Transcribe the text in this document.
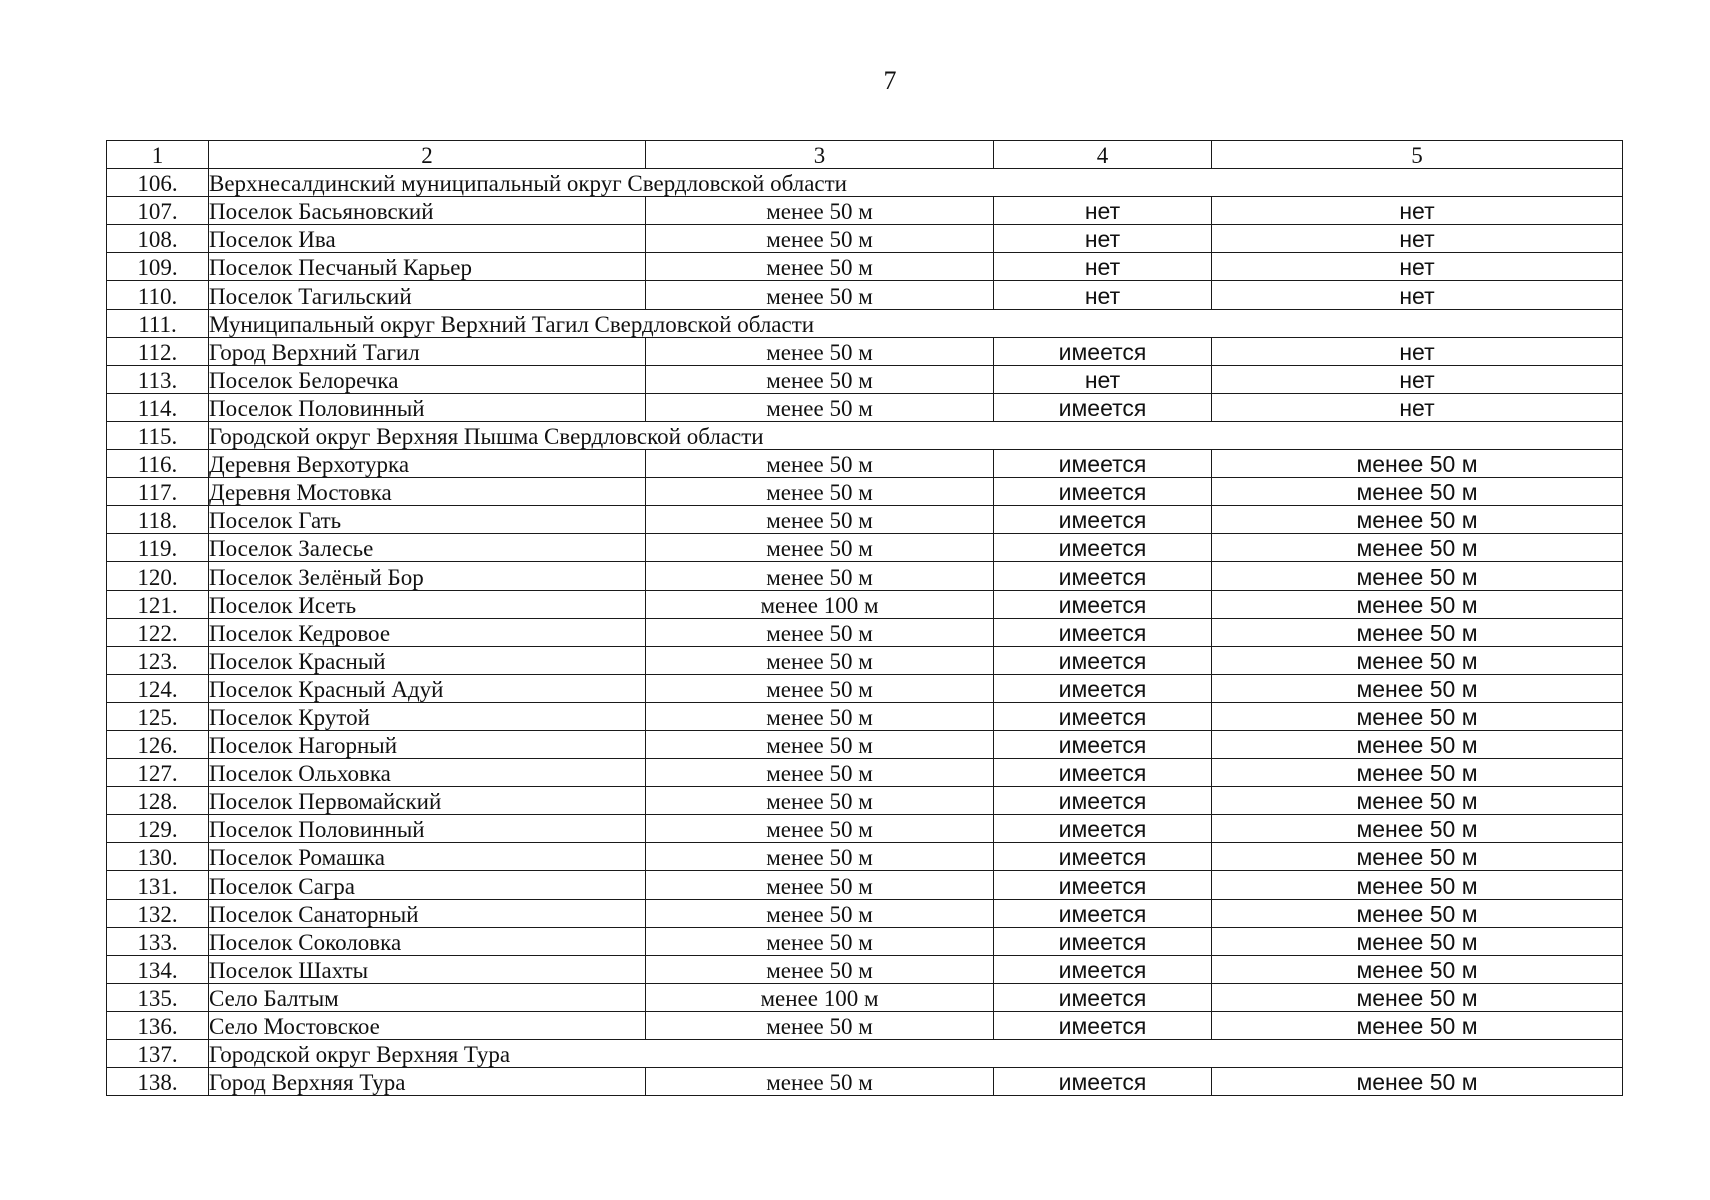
7
1	2	3	4	5
106.	Верхнесалдинский муниципальный округ Свердловской области			
107.	Поселок Басьяновский	менее 50 м	нет	нет
108.	Поселок Ива	менее 50 м	нет	нет
109.	Поселок Песчаный Карьер	менее 50 м	нет	нет
110.	Поселок Тагильский	менее 50 м	нет	нет
111.	Муниципальный округ Верхний Тагил Свердловской области			
112.	Город Верхний Тагил	менее 50 м	имеется	нет
113.	Поселок Белоречка	менее 50 м	нет	нет
114.	Поселок Половинный	менее 50 м	имеется	нет
115.	Городской округ Верхняя Пышма Свердловской области			
116.	Деревня Верхотурка	менее 50 м	имеется	менее 50 м
117.	Деревня Мостовка	менее 50 м	имеется	менее 50 м
118.	Поселок Гать	менее 50 м	имеется	менее 50 м
119.	Поселок Залесье	менее 50 м	имеется	менее 50 м
120.	Поселок Зелёный Бор	менее 50 м	имеется	менее 50 м
121.	Поселок Исеть	менее 100 м	имеется	менее 50 м
122.	Поселок Кедровое	менее 50 м	имеется	менее 50 м
123.	Поселок Красный	менее 50 м	имеется	менее 50 м
124.	Поселок Красный Адуй	менее 50 м	имеется	менее 50 м
125.	Поселок Крутой	менее 50 м	имеется	менее 50 м
126.	Поселок Нагорный	менее 50 м	имеется	менее 50 м
127.	Поселок Ольховка	менее 50 м	имеется	менее 50 м
128.	Поселок Первомайский	менее 50 м	имеется	менее 50 м
129.	Поселок Половинный	менее 50 м	имеется	менее 50 м
130.	Поселок Ромашка	менее 50 м	имеется	менее 50 м
131.	Поселок Сагра	менее 50 м	имеется	менее 50 м
132.	Поселок Санаторный	менее 50 м	имеется	менее 50 м
133.	Поселок Соколовка	менее 50 м	имеется	менее 50 м
134.	Поселок Шахты	менее 50 м	имеется	менее 50 м
135.	Село Балтым	менее 100 м	имеется	менее 50 м
136.	Село Мостовское	менее 50 м	имеется	менее 50 м
137.	Городской округ Верхняя Тура			
138.	Город Верхняя Тура	менее 50 м	имеется	менее 50 м
